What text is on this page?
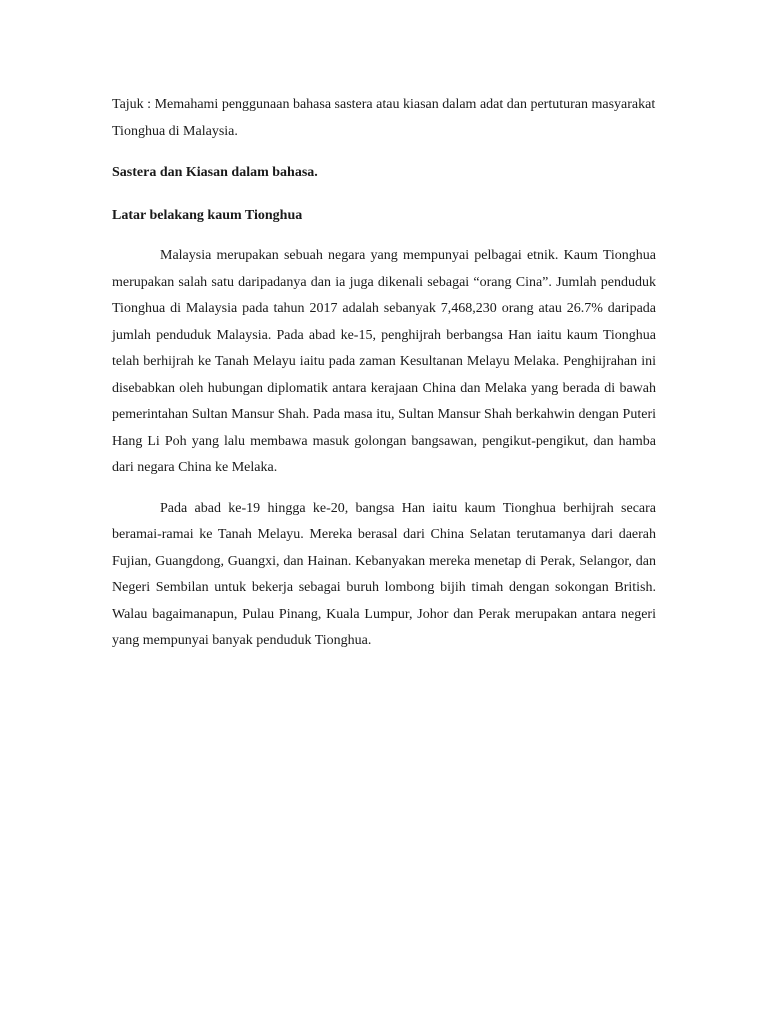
Tajuk : Memahami penggunaan bahasa sastera atau kiasan dalam adat dan pertuturan masyarakat Tionghua di Malaysia.

Sastera dan Kiasan dalam bahasa.

Latar belakang kaum Tionghua

Malaysia merupakan sebuah negara yang mempunyai pelbagai etnik. Kaum Tionghua merupakan salah satu daripadanya dan ia juga dikenali sebagai “orang Cina”. Jumlah penduduk Tionghua di Malaysia pada tahun 2017 adalah sebanyak 7,468,230 orang atau 26.7% daripada jumlah penduduk Malaysia. Pada abad ke-15, penghijrah berbangsa Han iaitu kaum Tionghua telah berhijrah ke Tanah Melayu iaitu pada zaman Kesultanan Melayu Melaka. Penghijrahan ini disebabkan oleh hubungan diplomatik antara kerajaan China dan Melaka yang berada di bawah pemerintahan Sultan Mansur Shah. Pada masa itu, Sultan Mansur Shah berkahwin dengan Puteri Hang Li Poh yang lalu membawa masuk golongan bangsawan, pengikut-pengikut, dan hamba dari negara China ke Melaka.

Pada abad ke-19 hingga ke-20, bangsa Han iaitu kaum Tionghua berhijrah secara beramai-ramai ke Tanah Melayu. Mereka berasal dari China Selatan terutamanya dari daerah Fujian, Guangdong, Guangxi, dan Hainan. Kebanyakan mereka menetap di Perak, Selangor, dan Negeri Sembilan untuk bekerja sebagai buruh lombong bijih timah dengan sokongan British. Walau bagaimanapun, Pulau Pinang, Kuala Lumpur, Johor dan Perak merupakan antara negeri yang mempunyai banyak penduduk Tionghua.
